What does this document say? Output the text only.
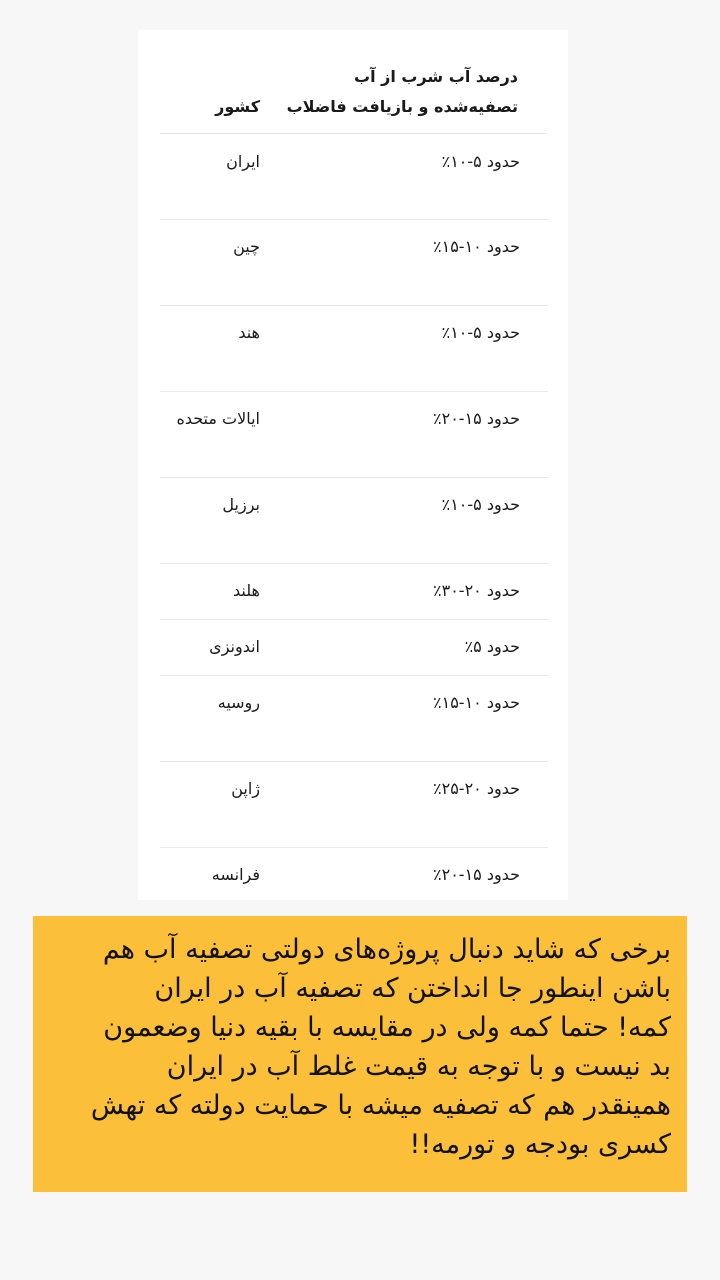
درصد آب شرب از آب
تصفیه‌شده و بازیافت فاضلاب
کشور
حدود ۵-۱۰٪
ایران
حدود ۱۰-۱۵٪
چین
حدود ۵-۱۰٪
هند
حدود ۱۵-۲۰٪
ایالات متحده
حدود ۵-۱۰٪
برزیل
حدود ۲۰-۳۰٪
هلند
حدود ۵٪
اندونزی
حدود ۱۰-۱۵٪
روسیه
حدود ۲۰-۲۵٪
ژاپن
حدود ۱۵-۲۰٪
فرانسه
برخی که شاید دنبال پروژه‌های دولتی تصفیه آب هم
باشن اینطور جا انداختن که تصفیه آب در ایران
کمه! حتما کمه ولی در مقایسه با بقیه دنیا وضعمون
بد نیست و با توجه به قیمت غلط آب در ایران
همینقدر هم که تصفیه میشه با حمایت دولته که تهش
کسری بودجه و تورمه!!
